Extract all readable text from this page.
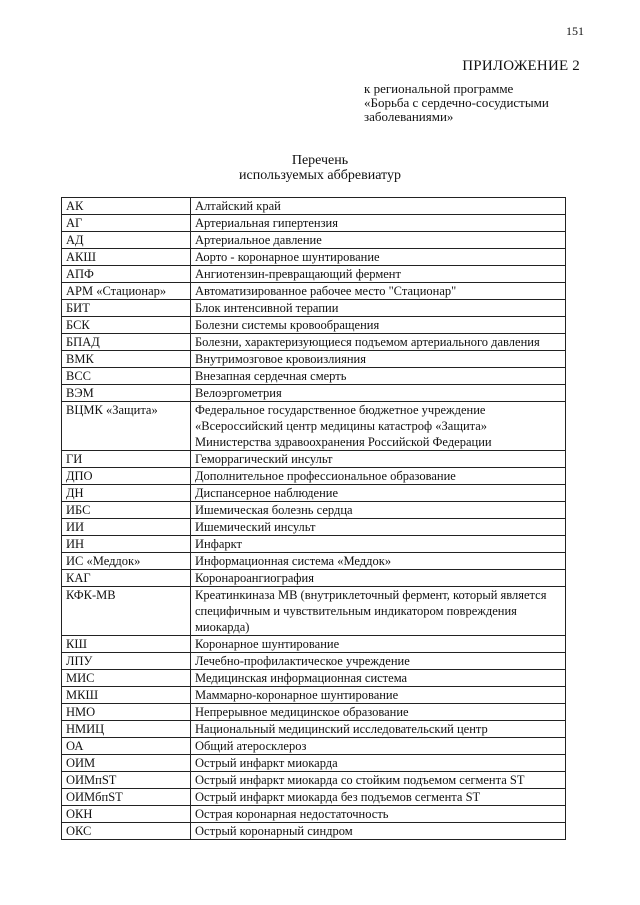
151
ПРИЛОЖЕНИЕ 2
к региональной программе
«Борьба с сердечно-сосудистыми
заболеваниями»
Перечень
используемых аббревиатур
АК	Алтайский край
АГ	Артериальная гипертензия
АД	Артериальное давление
АКШ	Аорто - коронарное шунтирование
АПФ	Ангиотензин-превращающий фермент
АРМ «Стационар»	Автоматизированное рабочее место "Стационар"
БИТ	Блок интенсивной терапии
БСК	Болезни системы кровообращения
БПАД	Болезни, характеризующиеся подъемом артериального давления
ВМК	Внутримозговое кровоизлияния
ВСС	Внезапная сердечная смерть
ВЭМ	Велоэргометрия
ВЦМК «Защита»	Федеральное государственное бюджетное учреждение «Всероссийский центр медицины катастроф «Защита» Министерства здравоохранения Российской Федерации
ГИ	Геморрагический инсульт
ДПО	Дополнительное профессиональное образование
ДН	Диспансерное наблюдение
ИБС	Ишемическая болезнь сердца
ИИ	Ишемический инсульт
ИН	Инфаркт
ИС «Меддок»	Информационная система «Меддок»
КАГ	Коронароангиография
КФК-МВ	Креатинкиназа MB (внутриклеточный фермент, который является специфичным и чувствительным индикатором повреждения миокарда)
КШ	Коронарное шунтирование
ЛПУ	Лечебно-профилактическое учреждение
МИС	Медицинская информационная система
МКШ	Маммарно-коронарное шунтирование
НМО	Непрерывное медицинское образование
НМИЦ	Национальный медицинский исследовательский центр
ОА	Общий атеросклероз
ОИМ	Острый инфаркт миокарда
ОИМпST	Острый инфаркт миокарда со стойким подъемом сегмента ST
ОИМбпST	Острый инфаркт миокарда без подъемов сегмента ST
ОКН	Острая коронарная недостаточность
ОКС	Острый коронарный синдром
